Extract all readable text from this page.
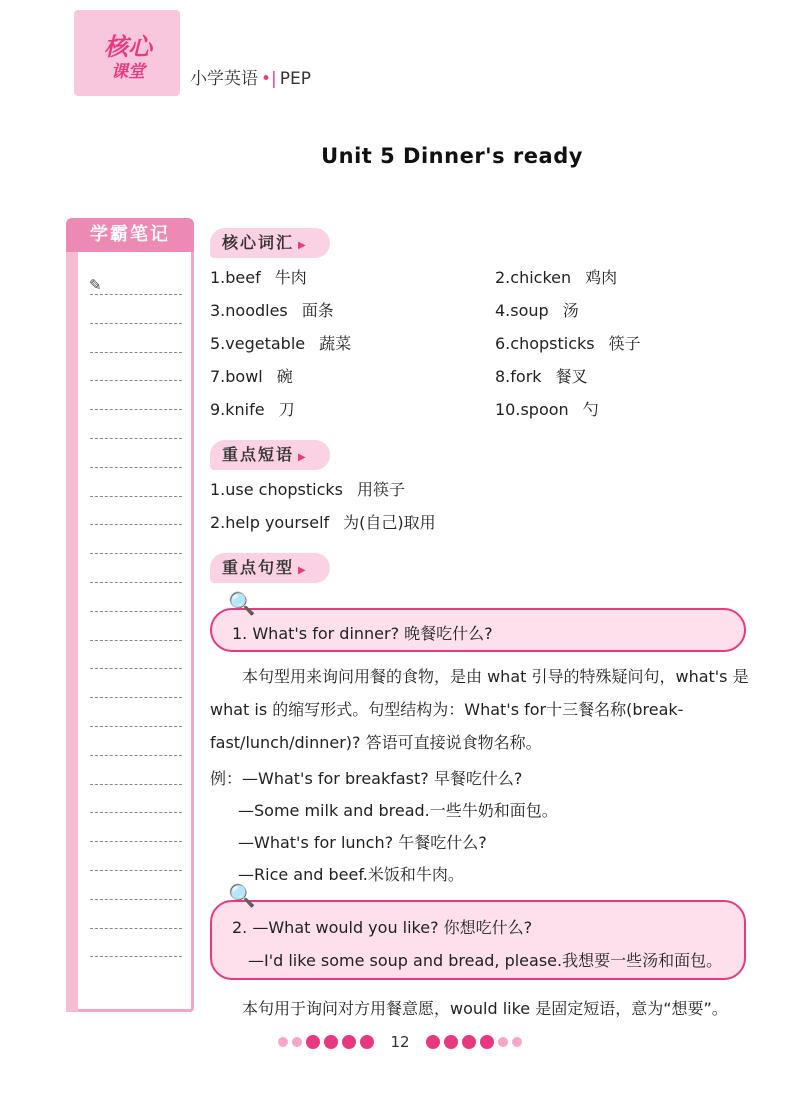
核心
课堂	小学英语 •| PEP
Unit 5 Dinner's ready
学霸笔记
✎
核心词汇 ▶
1.beef 牛肉	2.chicken 鸡肉
3.noodles 面条	4.soup 汤
5.vegetable 蔬菜	6.chopsticks 筷子
7.bowl 碗	8.fork 餐叉
9.knife 刀	10.spoon 勺
重点短语 ▶
1.use chopsticks 用筷子
2.help yourself 为(自己)取用
重点句型 ▶
🔍
1. What's for dinner? 晚餐吃什么?
本句型用来询问用餐的食物，是由 what 引导的特殊疑问句，what's 是 what is 的缩写形式。句型结构为：What's for十三餐名称(break-fast/lunch/dinner)? 答语可直接说食物名称。
例：—What's for breakfast? 早餐吃什么?
—Some milk and bread.一些牛奶和面包。
—What's for lunch? 午餐吃什么?
—Rice and beef.米饭和牛肉。
🔍
2. —What would you like? 你想吃什么?
—I'd like some soup and bread, please.我想要一些汤和面包。
本句用于询问对方用餐意愿，would like 是固定短语，意为“想要”。
12
